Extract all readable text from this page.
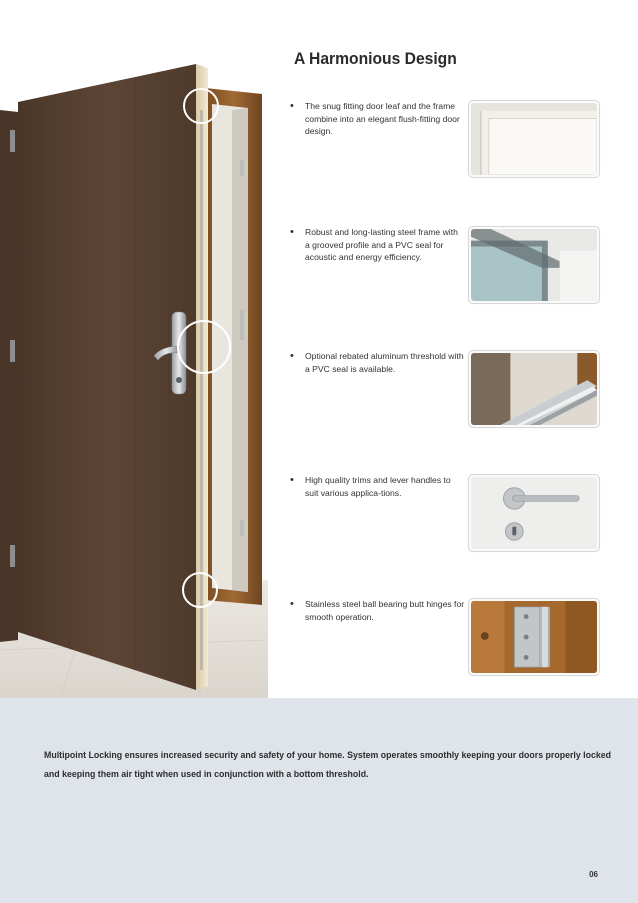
A Harmonious Design
• The snug fitting door leaf and the frame combine into an elegant flush-fitting door design.
• Robust and long-lasting steel frame with a grooved profile and a PVC seal for acoustic and energy efficiency.
• Optional rebated aluminum threshold with a PVC seal is available.
• High quality trims and lever handles to suit various applica-tions.
• Stainless steel ball bearing butt hinges for smooth operation.
Multipoint Locking ensures increased security and safety of your home. System operates smoothly keeping your doors properly locked and keeping them air tight when used in conjunction with a bottom threshold.
06
